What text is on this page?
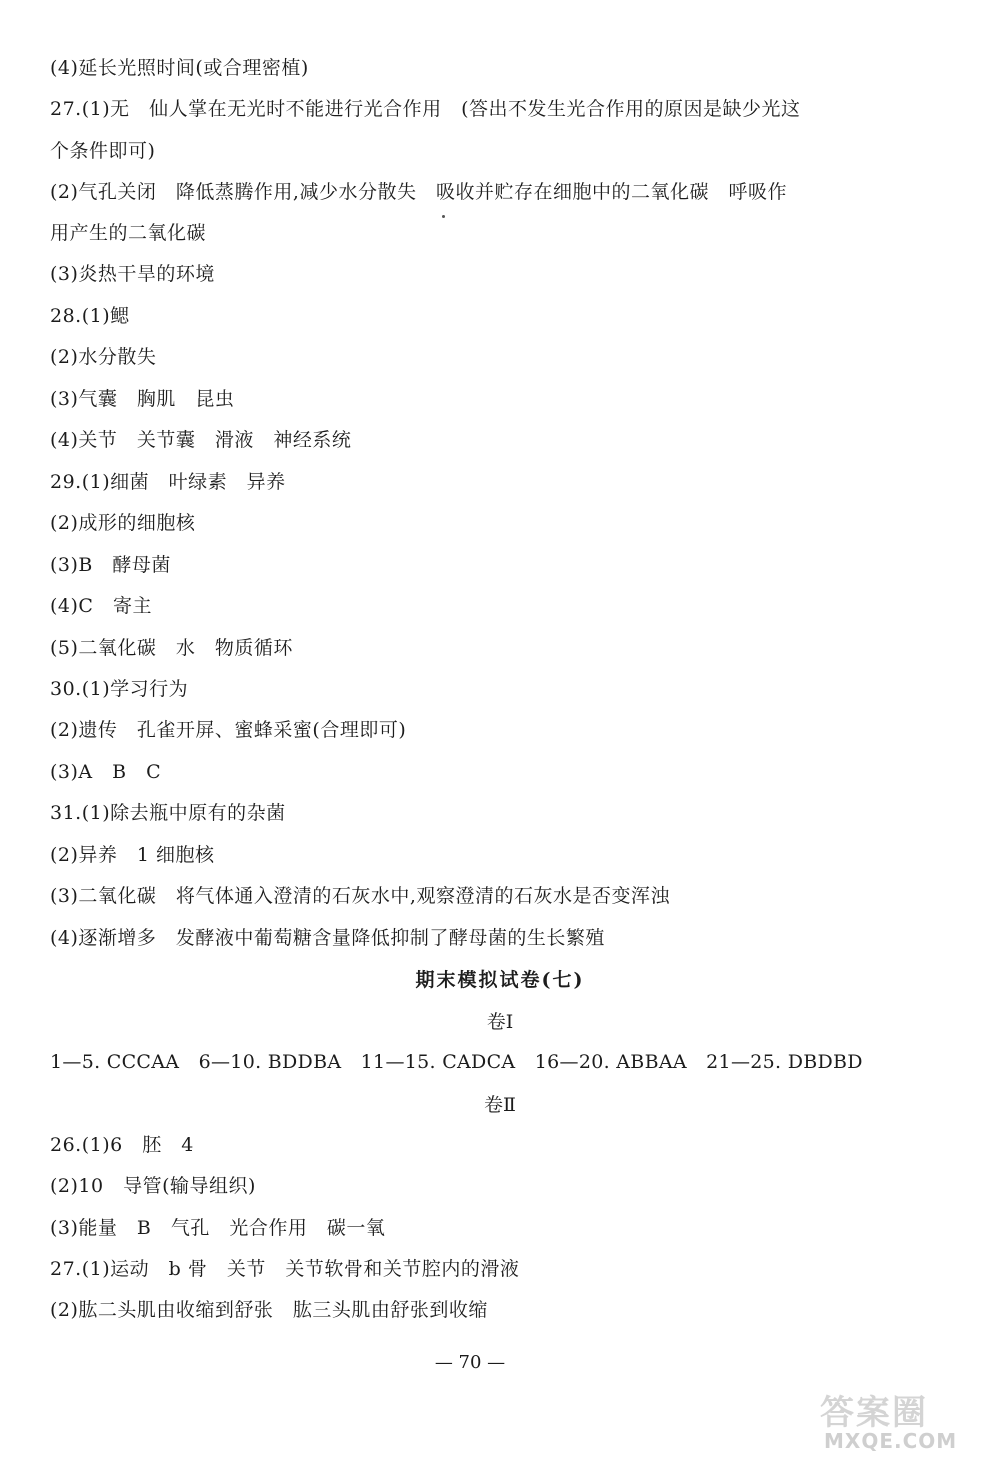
(4)延长光照时间(或合理密植)
27.(1)无　仙人掌在无光时不能进行光合作用　(答出不发生光合作用的原因是缺少光这
个条件即可)
(2)气孔关闭　降低蒸腾作用,减少水分散失　吸收并贮存在细胞中的二氧化碳　呼吸作
用产生的二氧化碳
(3)炎热干旱的环境
28.(1)鳃
(2)水分散失
(3)气囊　胸肌　昆虫
(4)关节　关节囊　滑液　神经系统
29.(1)细菌　叶绿素　异养
(2)成形的细胞核
(3)B　酵母菌
(4)C　寄主
(5)二氧化碳　水　物质循环
30.(1)学习行为
(2)遗传　孔雀开屏、蜜蜂采蜜(合理即可)
(3)A　B　C
31.(1)除去瓶中原有的杂菌
(2)异养　1 细胞核
(3)二氧化碳　将气体通入澄清的石灰水中,观察澄清的石灰水是否变浑浊
(4)逐渐增多　发酵液中葡萄糖含量降低抑制了酵母菌的生长繁殖
期末模拟试卷(七)
卷Ⅰ
1—5. CCCAA　6—10. BDDBA　11—15. CADCA　16—20. ABBAA　21—25. DBDBD
卷Ⅱ
26.(1)6　胚　4
(2)10　导管(输导组织)
(3)能量　B　气孔　光合作用　碳一氧
27.(1)运动　b 骨　关节　关节软骨和关节腔内的滑液
(2)肱二头肌由收缩到舒张　肱三头肌由舒张到收缩
— 70 —
答案圈
MXQE.COM
